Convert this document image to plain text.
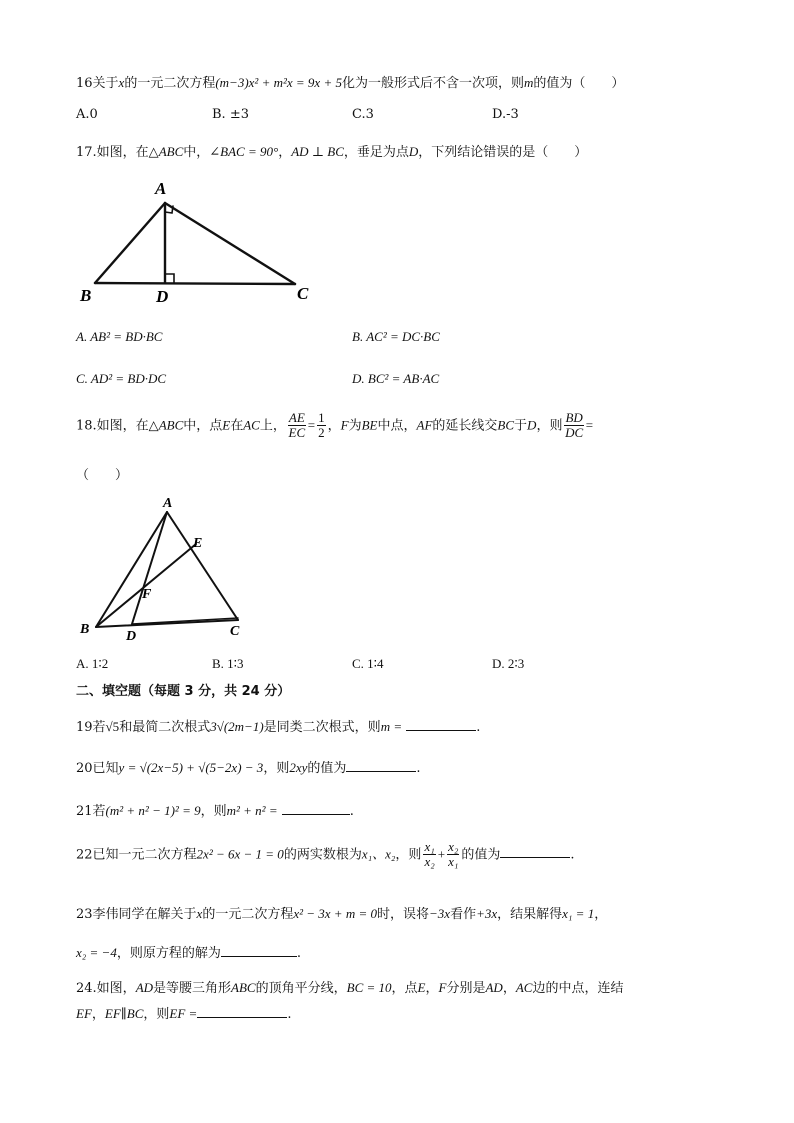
16关于x的一元二次方程(m−3)x² + m²x = 9x + 5化为一般形式后不含一次项，则m的值为（　　）
A.0	B. ±3	C.3	D.-3
17.如图，在△ABC中，∠BAC = 90°，AD ⊥ BC，垂足为点D，下列结论错误的是（　　）
A
B	D	C
A. AB² = BD·BC	B. AC² = DC·BC
C. AD² = BD·DC	D. BC² = AB·AC
18.如图，在△ABC中，点E在AC上， $\frac{AE}{EC} = \frac{1}{2}$ ，F为BE中点，AF的延长线交BC于D，则 $\frac{BD}{DC}$ =
（　　）
A
E
F
B	D	C
A. 1∶2	B. 1∶3	C. 1∶4	D. 2∶3
二、填空题（每题 3 分，共 24 分）
19若√5和最简二次根式3√(2m−1)是同类二次根式，则m =	.
20已知y = √(2x−5) + √(5−2x) − 3，则2xy的值为	.
21若(m² + n² − 1)² = 9，则m² + n² =	.
22已知一元二次方程2x² − 6x − 1 = 0的两实数根为x₁、x₂，则 $\frac{\text{x₁}}{\text{x₂}} + \frac{\text{x₂}}{\text{x₁}}$ 的值为	.
23李伟同学在解关于x的一元二次方程x² − 3x + m = 0时，误将−3x看作+3x，结果解得x₁ = 1，
x₂ = −4，则原方程的解为	.
24.如图，AD是等腰三角形ABC的顶角平分线，BC = 10，点E，F分别是AD，AC边的中点，连结
EF，EF∥BC，则EF =	.
